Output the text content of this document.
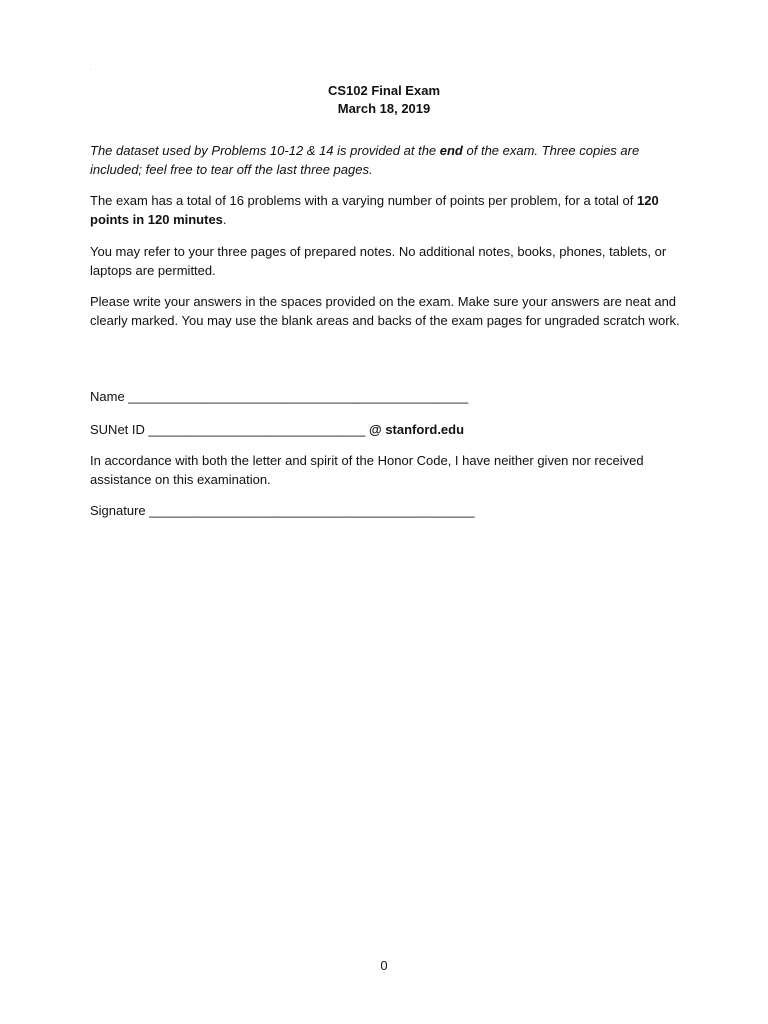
.
CS102 Final Exam
March 18, 2019

The dataset used by Problems 10-12 & 14 is provided at the end of the exam. Three copies are included; feel free to tear off the last three pages.

The exam has a total of 16 problems with a varying number of points per problem, for a total of 120 points in 120 minutes.

You may refer to your three pages of prepared notes. No additional notes, books, phones, tablets, or laptops are permitted.

Please write your answers in the spaces provided on the exam. Make sure your answers are neat and clearly marked. You may use the blank areas and backs of the exam pages for ungraded scratch work.

Name _______________________________________________

SUNet ID ______________________________ @ stanford.edu

In accordance with both the letter and spirit of the Honor Code, I have neither given nor received assistance on this examination.

Signature _____________________________________________

0
